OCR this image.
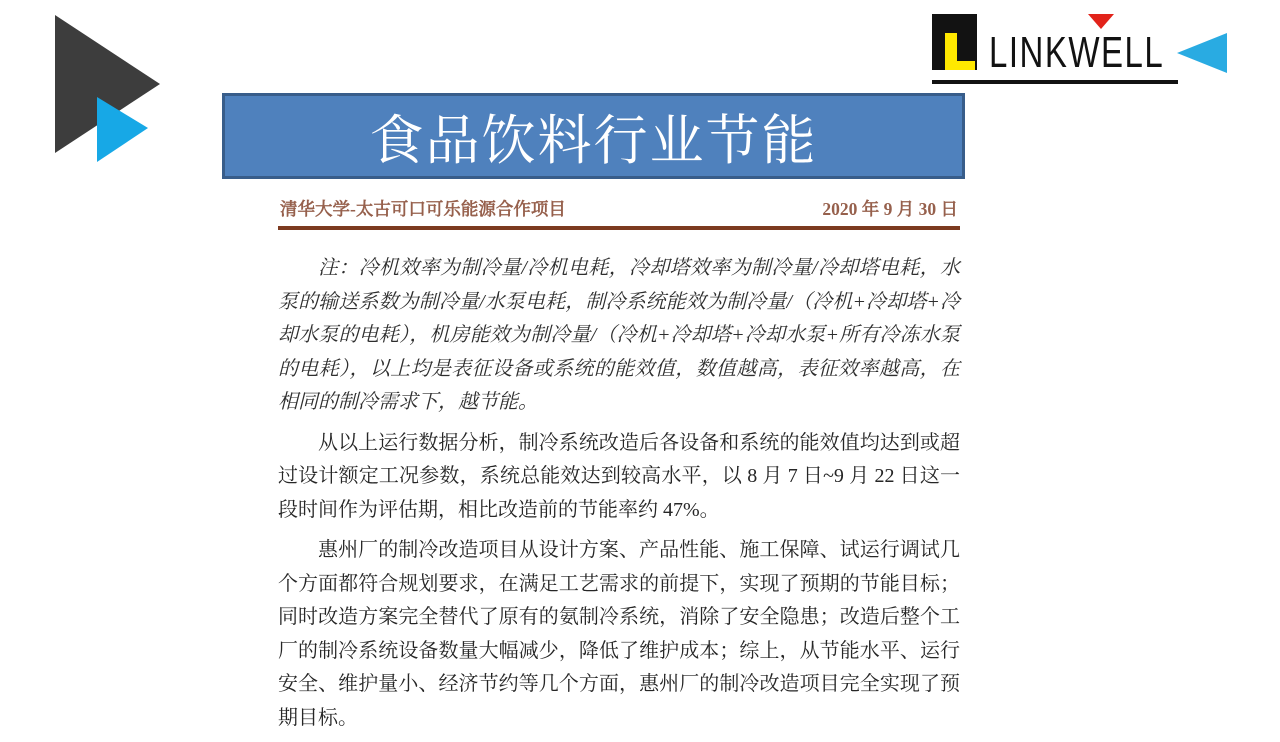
LINKWELL
食品饮料行业节能
清华大学-太古可口可乐能源合作项目	2020 年 9 月 30 日

注：冷机效率为制冷量/冷机电耗，冷却塔效率为制冷量/冷却塔电耗，水泵的输送系数为制冷量/水泵电耗，制冷系统能效为制冷量/（冷机+冷却塔+冷却水泵的电耗），机房能效为制冷量/（冷机+冷却塔+冷却水泵+所有冷冻水泵的电耗），以上均是表征设备或系统的能效值，数值越高，表征效率越高，在相同的制冷需求下，越节能。

从以上运行数据分析，制冷系统改造后各设备和系统的能效值均达到或超过设计额定工况参数，系统总能效达到较高水平，以 8 月 7 日~9 月 22 日这一段时间作为评估期，相比改造前的节能率约 47%。

惠州厂的制冷改造项目从设计方案、产品性能、施工保障、试运行调试几个方面都符合规划要求，在满足工艺需求的前提下，实现了预期的节能目标；同时改造方案完全替代了原有的氨制冷系统，消除了安全隐患；改造后整个工厂的制冷系统设备数量大幅减少，降低了维护成本；综上，从节能水平、运行安全、维护量小、经济节约等几个方面，惠州厂的制冷改造项目完全实现了预期目标。
